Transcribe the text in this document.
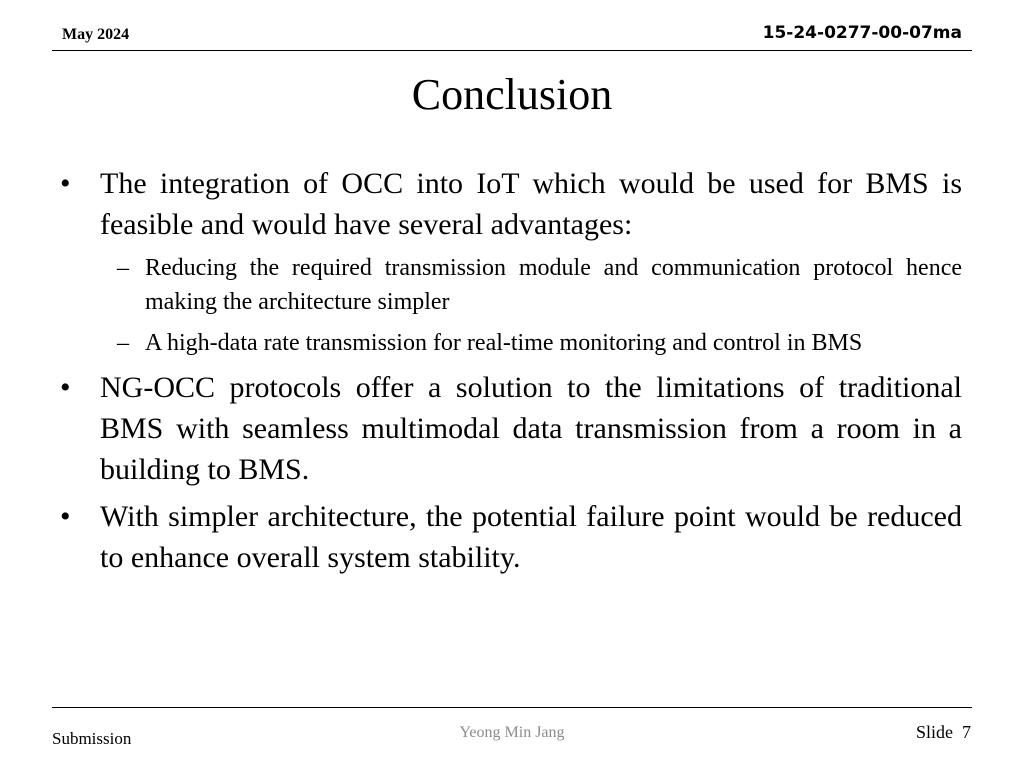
May 2024	15-24-0277-00-07ma
Conclusion
• The integration of OCC into IoT which would be used for BMS is feasible and would have several advantages:
– Reducing the required transmission module and communication protocol hence making the architecture simpler
– A high-data rate transmission for real-time monitoring and control in BMS
• NG-OCC protocols offer a solution to the limitations of traditional BMS with seamless multimodal data transmission from a room in a building to BMS.
• With simpler architecture, the potential failure point would be reduced to enhance overall system stability.
Submission	Yeong Min Jang	Slide 7
